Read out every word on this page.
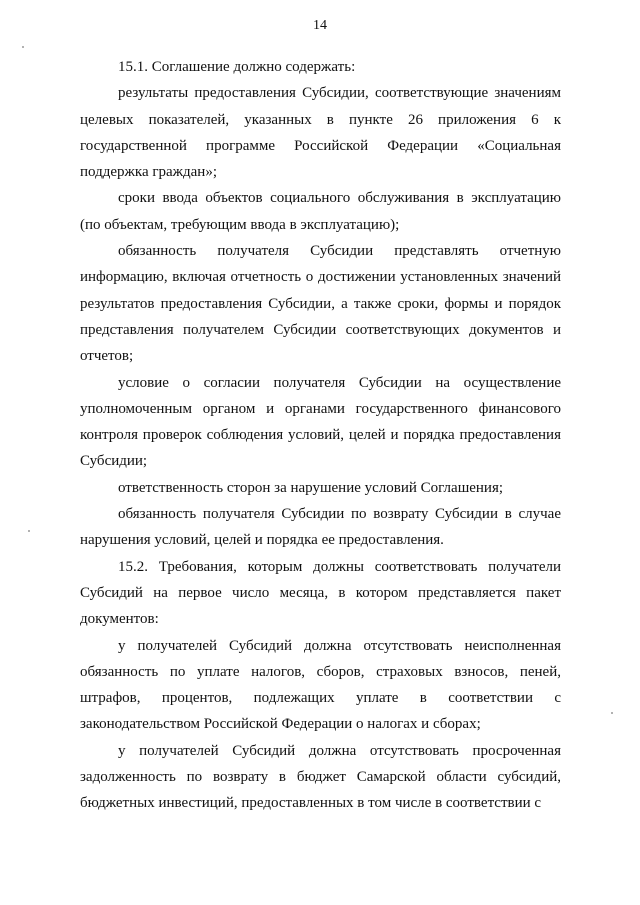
14

15.1. Соглашение должно содержать:

результаты предоставления Субсидии, соответствующие значениям целевых показателей, указанных в пункте 26 приложения 6 к государственной программе Российской Федерации «Социальная поддержка граждан»;

сроки ввода объектов социального обслуживания в эксплуатацию (по объектам, требующим ввода в эксплуатацию);

обязанность получателя Субсидии представлять отчетную информацию, включая отчетность о достижении установленных значений результатов предоставления Субсидии, а также сроки, формы и порядок представления получателем Субсидии соответствующих документов и отчетов;

условие о согласии получателя Субсидии на осуществление уполномоченным органом и органами государственного финансового контроля проверок соблюдения условий, целей и порядка предоставления Субсидии;

ответственность сторон за нарушение условий Соглашения;

обязанность получателя Субсидии по возврату Субсидии в случае нарушения условий, целей и порядка ее предоставления.

15.2. Требования, которым должны соответствовать получатели Субсидий на первое число месяца, в котором представляется пакет документов:

у получателей Субсидий должна отсутствовать неисполненная обязанность по уплате налогов, сборов, страховых взносов, пеней, штрафов, процентов, подлежащих уплате в соответствии с законодательством Российской Федерации о налогах и сборах;

у получателей Субсидий должна отсутствовать просроченная задолженность по возврату в бюджет Самарской области субсидий, бюджетных инвестиций, предоставленных в том числе в соответствии с
